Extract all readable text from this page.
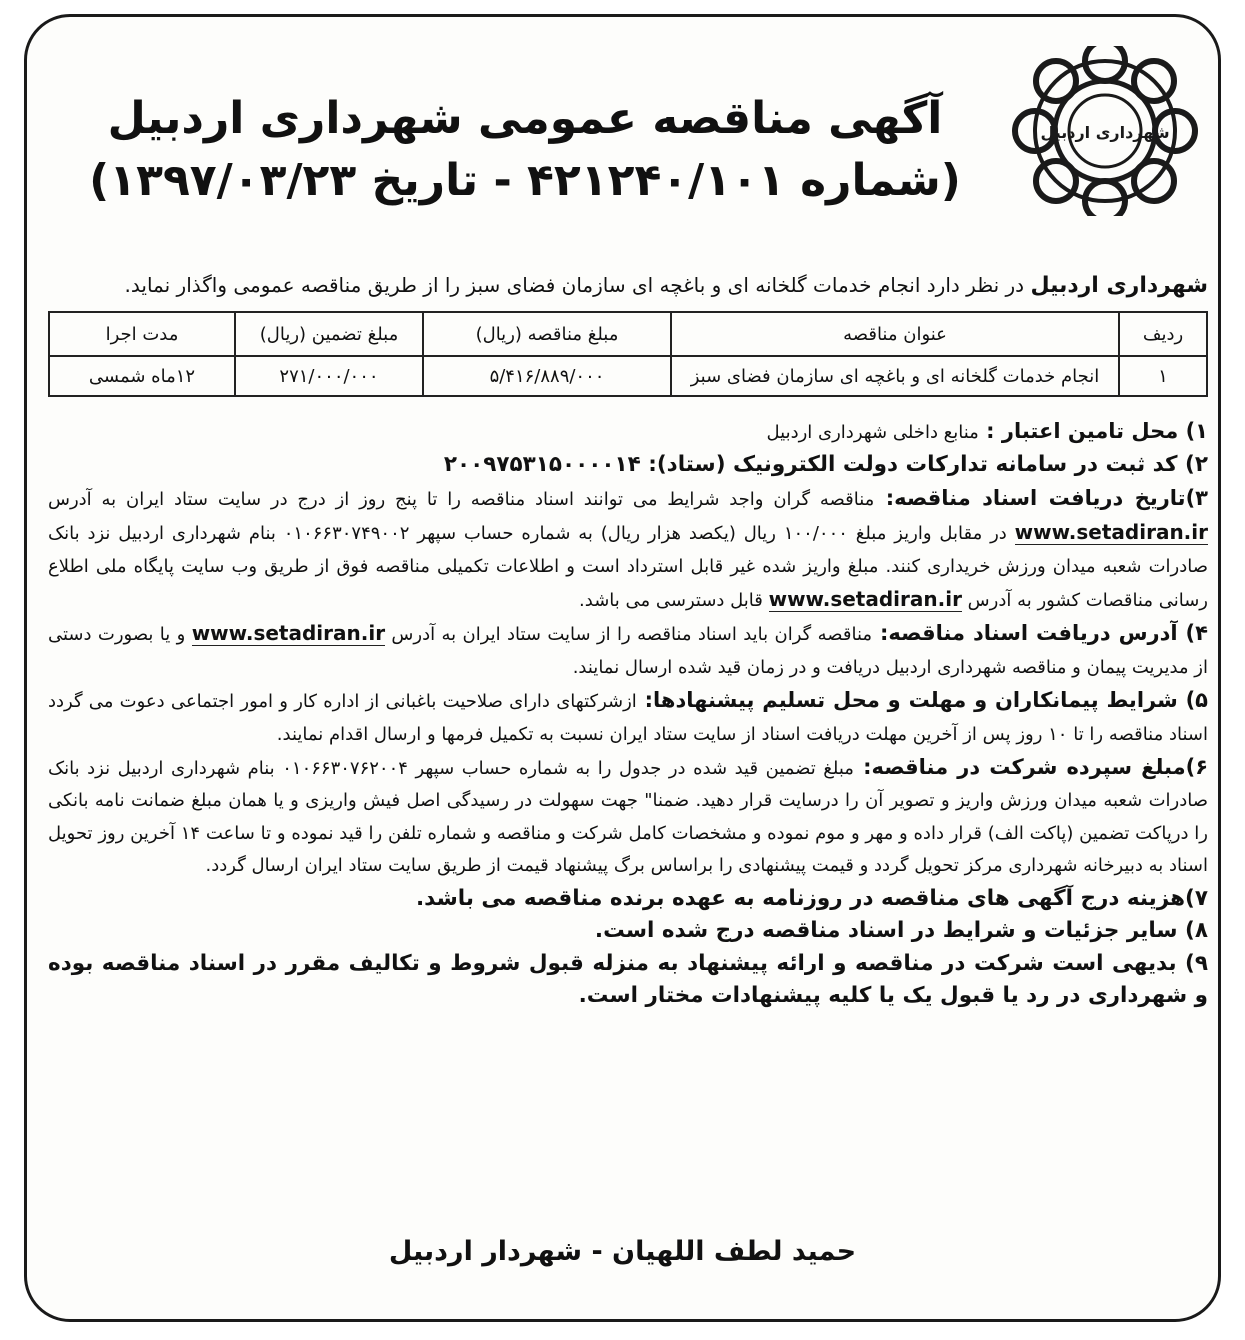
شهرداری اردبیل
آگهی مناقصه عمومی شهرداری اردبیل
(شماره ۴۲۱۲۴۰/۱۰۱ - تاریخ ۱۳۹۷/۰۳/۲۳)
شهرداری اردبیل در نظر دارد انجام خدمات گلخانه ای و باغچه ای سازمان فضای سبز را از طریق مناقصه عمومی واگذار نماید.
ردیف	عنوان مناقصه	مبلغ مناقصه (ریال)	مبلغ تضمین (ریال)	مدت اجرا
۱	انجام خدمات گلخانه ای و باغچه ای سازمان فضای سبز	۵/۴۱۶/۸۸۹/۰۰۰	۲۷۱/۰۰۰/۰۰۰	۱۲ماه شمسی
۱) محل تامین اعتبار : منابع داخلی شهرداری اردبیل
۲) کد ثبت در سامانه تدارکات دولت الکترونیک (ستاد): ۲۰۰۹۷۵۳۱۵۰۰۰۰۱۴
۳)تاریخ دریافت اسناد مناقصه: مناقصه گران واجد شرایط می توانند اسناد مناقصه را تا پنج روز از درج در سایت ستاد ایران به آدرس www.setadiran.ir در مقابل واریز مبلغ ۱۰۰/۰۰۰ ریال (یکصد هزار ریال) به شماره حساب سپهر ۰۱۰۶۶۳۰۷۴۹۰۰۲ بنام شهرداری اردبیل نزد بانک صادرات شعبه میدان ورزش خریداری کنند. مبلغ واریز شده غیر قابل استرداد است و اطلاعات تکمیلی مناقصه فوق از طریق وب سایت پایگاه ملی اطلاع رسانی مناقصات کشور به آدرس www.setadiran.ir قابل دسترسی می باشد.
۴) آدرس دریافت اسناد مناقصه: مناقصه گران باید اسناد مناقصه را از سایت ستاد ایران به آدرس www.setadiran.ir و یا بصورت دستی از مدیریت پیمان و مناقصه شهرداری اردبیل دریافت و در زمان قید شده ارسال نمایند.
۵) شرایط پیمانکاران و مهلت و محل تسلیم پیشنهادها: ازشرکتهای دارای صلاحیت باغبانی از اداره کار و امور اجتماعی دعوت می گردد اسناد مناقصه را تا ۱۰ روز پس از آخرین مهلت دریافت اسناد از سایت ستاد ایران نسبت به تکمیل فرمها و ارسال اقدام نمایند.
۶)مبلغ سپرده شرکت در مناقصه: مبلغ تضمین قید شده در جدول را به شماره حساب سپهر ۰۱۰۶۶۳۰۷۶۲۰۰۴ بنام شهرداری اردبیل نزد بانک صادرات شعبه میدان ورزش واریز و تصویر آن را درسایت قرار دهید. ضمنا" جهت سهولت در رسیدگی اصل فیش واریزی و یا همان مبلغ ضمانت نامه بانکی را درپاکت تضمین (پاکت الف) قرار داده و مهر و موم نموده و مشخصات کامل شرکت و مناقصه و شماره تلفن را قید نموده و تا ساعت ۱۴ آخرین روز تحویل اسناد به دبیرخانه شهرداری مرکز تحویل گردد و قیمت پیشنهادی را براساس برگ پیشنهاد قیمت از طریق سایت ستاد ایران ارسال گردد.
۷)هزینه درج آگهی های مناقصه در روزنامه به عهده برنده مناقصه می باشد.
۸) سایر جزئیات و شرایط در اسناد مناقصه درج شده است.
۹) بدیهی است شرکت در مناقصه و ارائه پیشنهاد به منزله قبول شروط و تکالیف مقرر در اسناد مناقصه بوده و شهرداری در رد یا قبول یک یا کلیه پیشنهادات مختار است.
حمید لطف اللهیان - شهردار اردبیل
